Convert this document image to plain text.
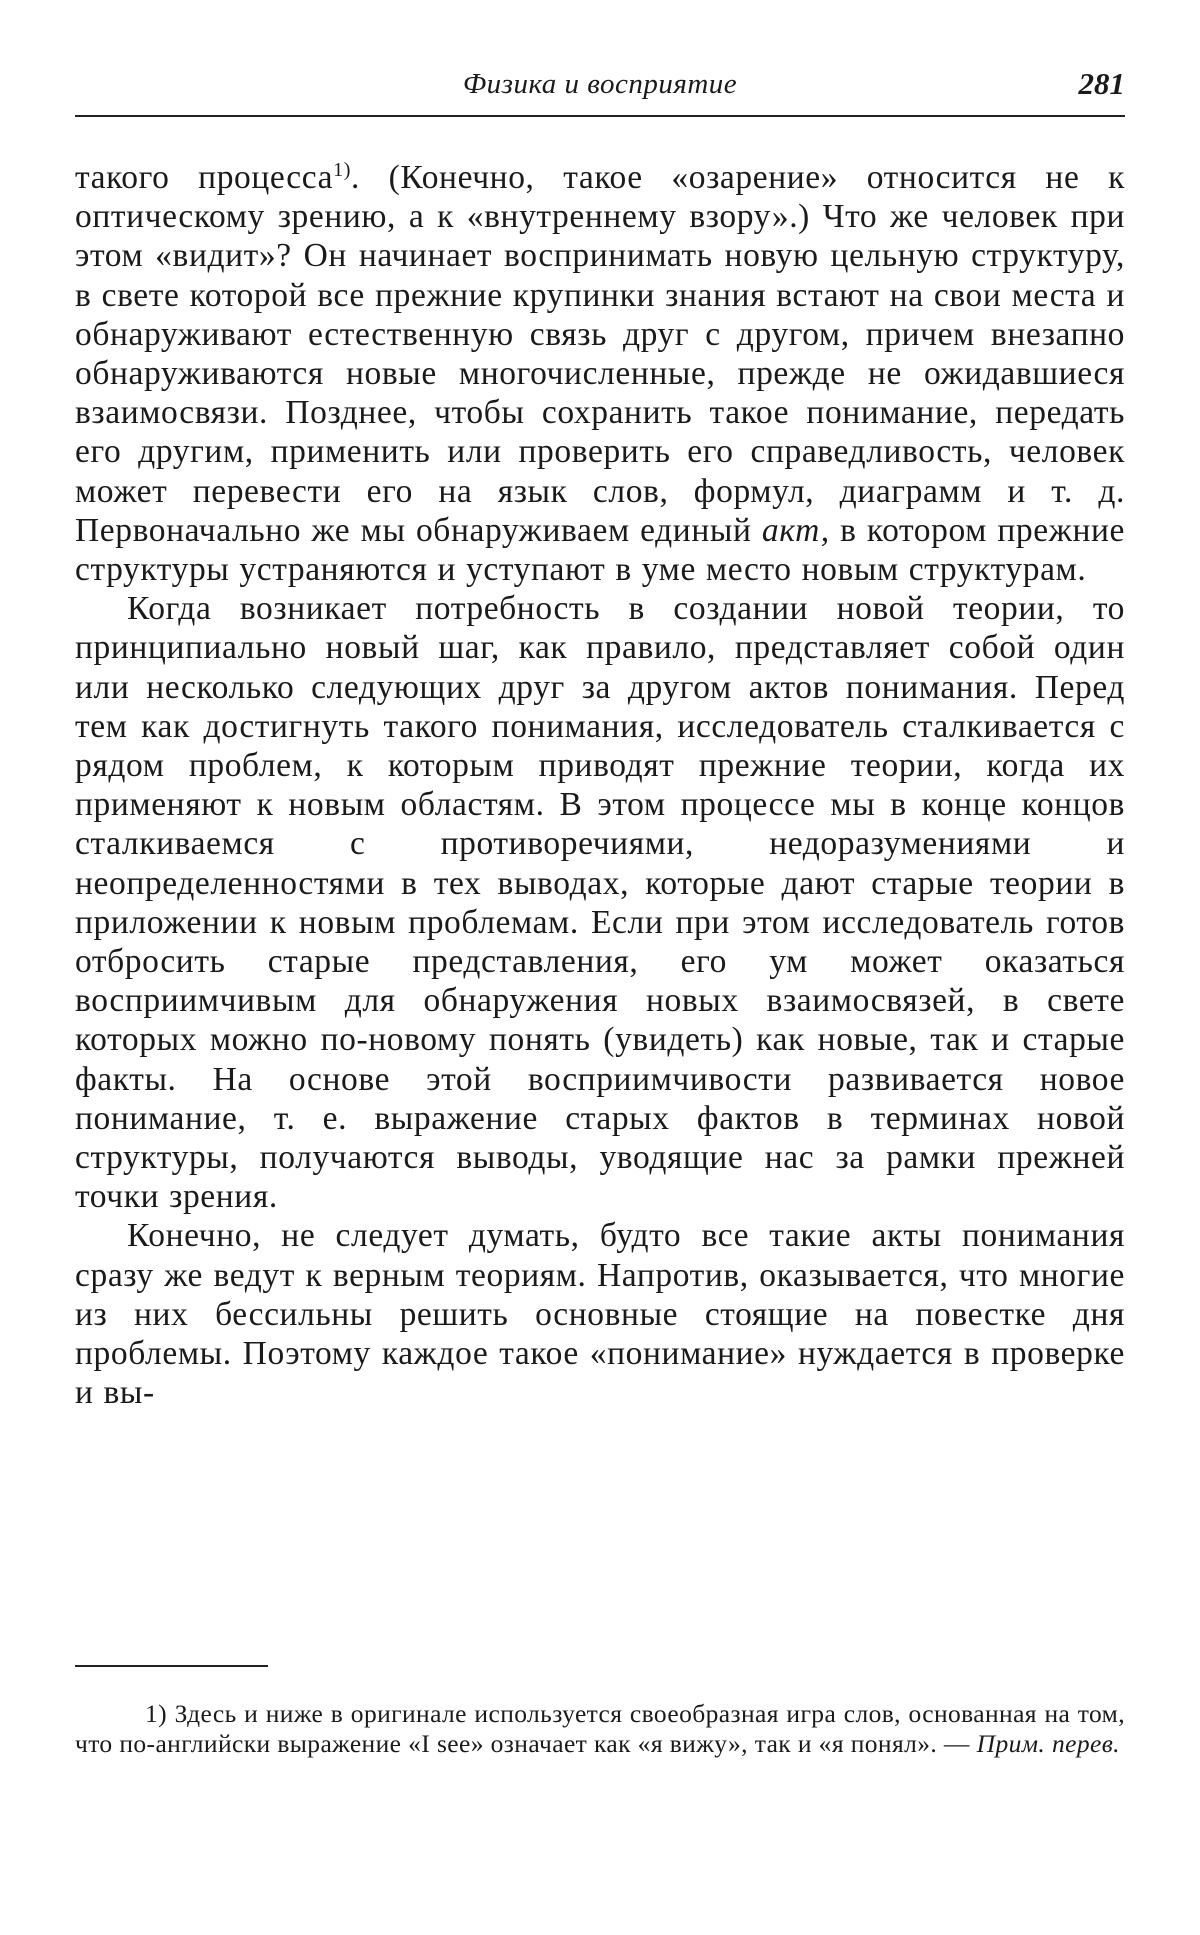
Физика и восприятие	281

такого процесса$^{1)}$. (Конечно, такое «озарение» относится не к оптическому зрению, а к «внутреннему взору».) Что же человек при этом «видит»? Он начинает воспринимать новую цельную структуру, в свете которой все прежние крупинки знания встают на свои места и обнаруживают естественную связь друг с другом, причем внезапно обнаруживаются новые многочисленные, прежде не ожидавшиеся взаимосвязи. Позднее, чтобы сохранить такое понимание, передать его другим, применить или проверить его справедливость, человек может перевести его на язык слов, формул, диаграмм и т. д. Первоначально же мы обнаруживаем единый акт, в котором прежние структуры устраняются и уступают в уме место новым структурам.

Когда возникает потребность в создании новой теории, то принципиально новый шаг, как правило, представляет собой один или несколько следующих друг за другом актов понимания. Перед тем как достигнуть такого понимания, исследователь сталкивается с рядом проблем, к которым приводят прежние теории, когда их применяют к новым областям. В этом процессе мы в конце концов сталкиваемся с противоречиями, недоразумениями и неопределенностями в тех выводах, которые дают старые теории в приложении к новым проблемам. Если при этом исследователь готов отбросить старые представления, его ум может оказаться восприимчивым для обнаружения новых взаимосвязей, в свете которых можно по-новому понять (увидеть) как новые, так и старые факты. На основе этой восприимчивости развивается новое понимание, т. е. выражение старых фактов в терминах новой структуры, получаются выводы, уводящие нас за рамки прежней точки зрения.

Конечно, не следует думать, будто все такие акты понимания сразу же ведут к верным теориям. Напротив, оказывается, что многие из них бессильны решить основные стоящие на повестке дня проблемы. Поэтому каждое такое «понимание» нуждается в проверке и вы-

1) Здесь и ниже в оригинале используется своеобразная игра слов, основанная на том, что по-английски выражение «I see» означает как «я вижу», так и «я понял». — Прим. перев.
